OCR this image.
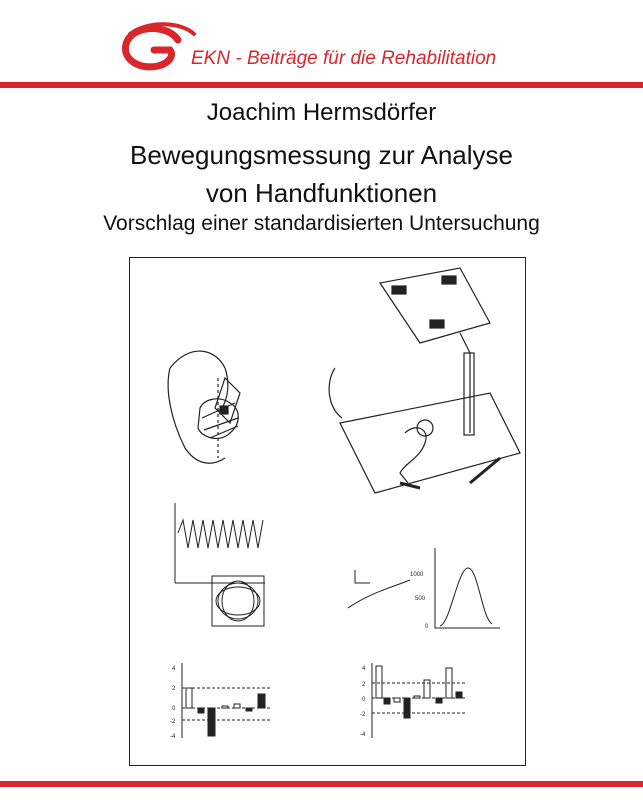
EKN - Beiträge für die Rehabilitation
Joachim Hermsdörfer
Bewegungsmessung zur Analyse
von Handfunktionen
Vorschlag einer standardisierten Untersuchung
1000
500
0
4
2
0
-2
-4
4
2
0
-2
-4
